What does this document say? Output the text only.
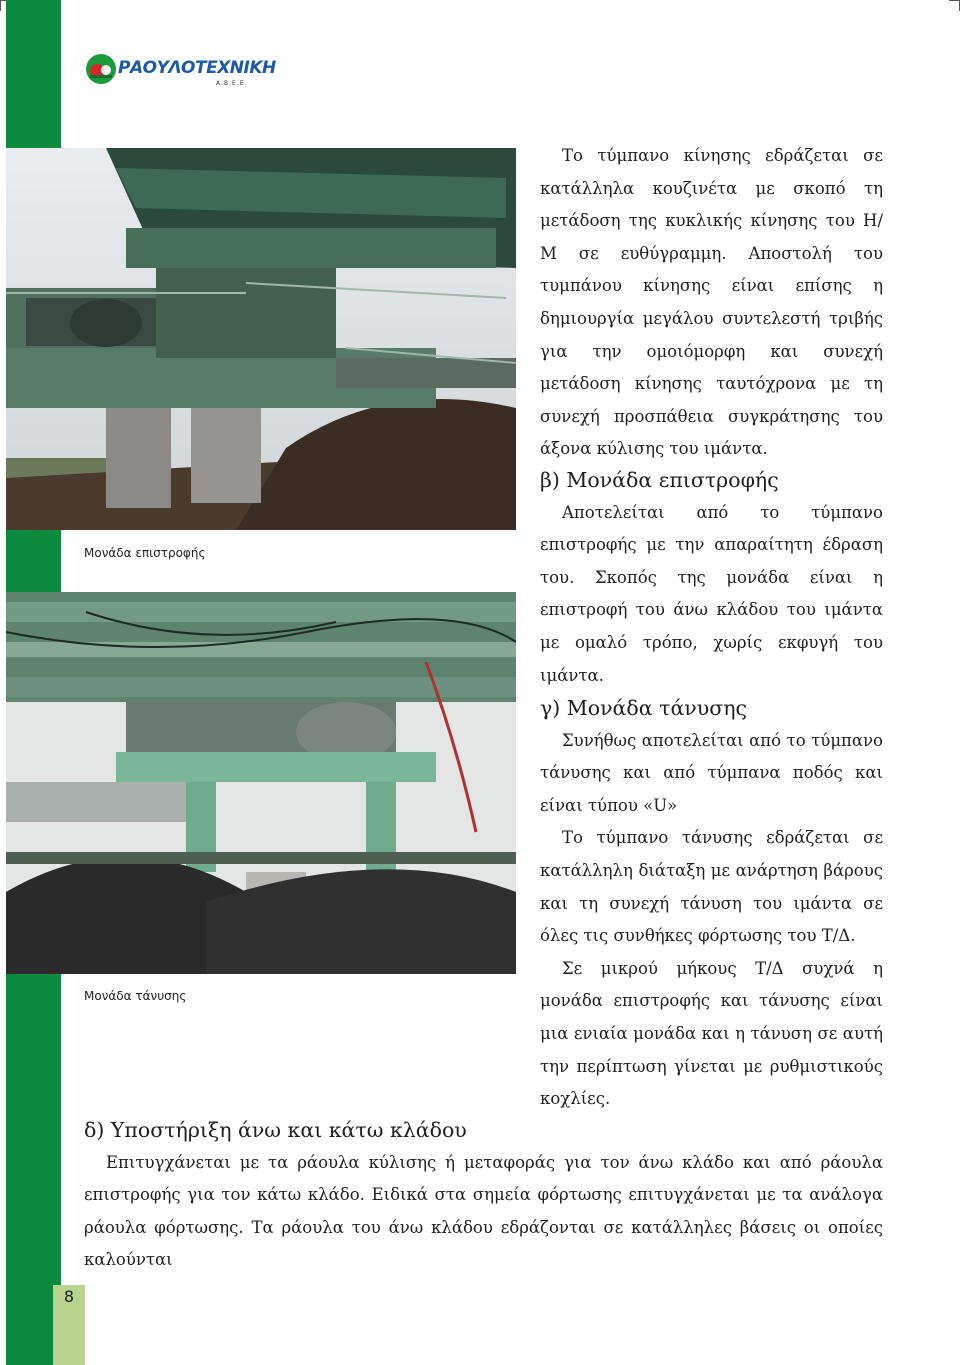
8
ΡΑΟΥΛΟΤΕΧΝΙΚΗ
Α.Β.Ε.Ε.
Μονάδα επιστροφής
Μονάδα τάνυσης

Το τύμπανο κίνησης εδράζεται σε κατάλληλα κουζινέτα με σκοπό τη μετάδοση της κυκλικής κίνησης του Η/Μ σε ευθύγραμμη. Αποστολή του τυμπάνου κίνησης είναι επίσης η δημιουργία μεγάλου συντελεστή τριβής για την ομοιόμορφη και συνεχή μετάδοση κίνησης ταυτόχρονα με τη συνεχή προσπάθεια συγκράτησης του άξονα κύλισης του ιμάντα.

β) Μονάδα επιστροφής

Αποτελείται από το τύμπανο επιστροφής με την απαραίτητη έδραση του. Σκοπός της μονάδα είναι η επιστροφή του άνω κλάδου του ιμάντα με ομαλό τρόπο, χωρίς εκφυγή του ιμάντα.

γ) Μονάδα τάνυσης

Συνήθως αποτελείται από το τύμπανο τάνυσης και από τύμπανα ποδός και είναι τύπου «U»

Το τύμπανο τάνυσης εδράζεται σε κατάλληλη διάταξη με ανάρτηση βάρους και τη συνεχή τάνυση του ιμάντα σε όλες τις συνθήκες φόρτωσης του Τ/Δ.

Σε μικρού μήκους Τ/Δ συχνά η μονάδα επιστροφής και τάνυσης είναι μια ενιαία μονάδα και η τάνυση σε αυτή την περίπτωση γίνεται με ρυθμιστικούς κοχλίες.

δ) Υποστήριξη άνω και κάτω κλάδου

Επιτυγχάνεται με τα ράουλα κύλισης ή μεταφοράς για τον άνω κλάδο και από ράουλα επιστροφής για τον κάτω κλάδο. Ειδικά στα σημεία φόρτωσης επιτυγχάνεται με τα ανάλογα ράουλα φόρτωσης. Τα ράουλα του άνω κλάδου εδράζονται σε κατάλληλες βάσεις οι οποίες καλούνται
